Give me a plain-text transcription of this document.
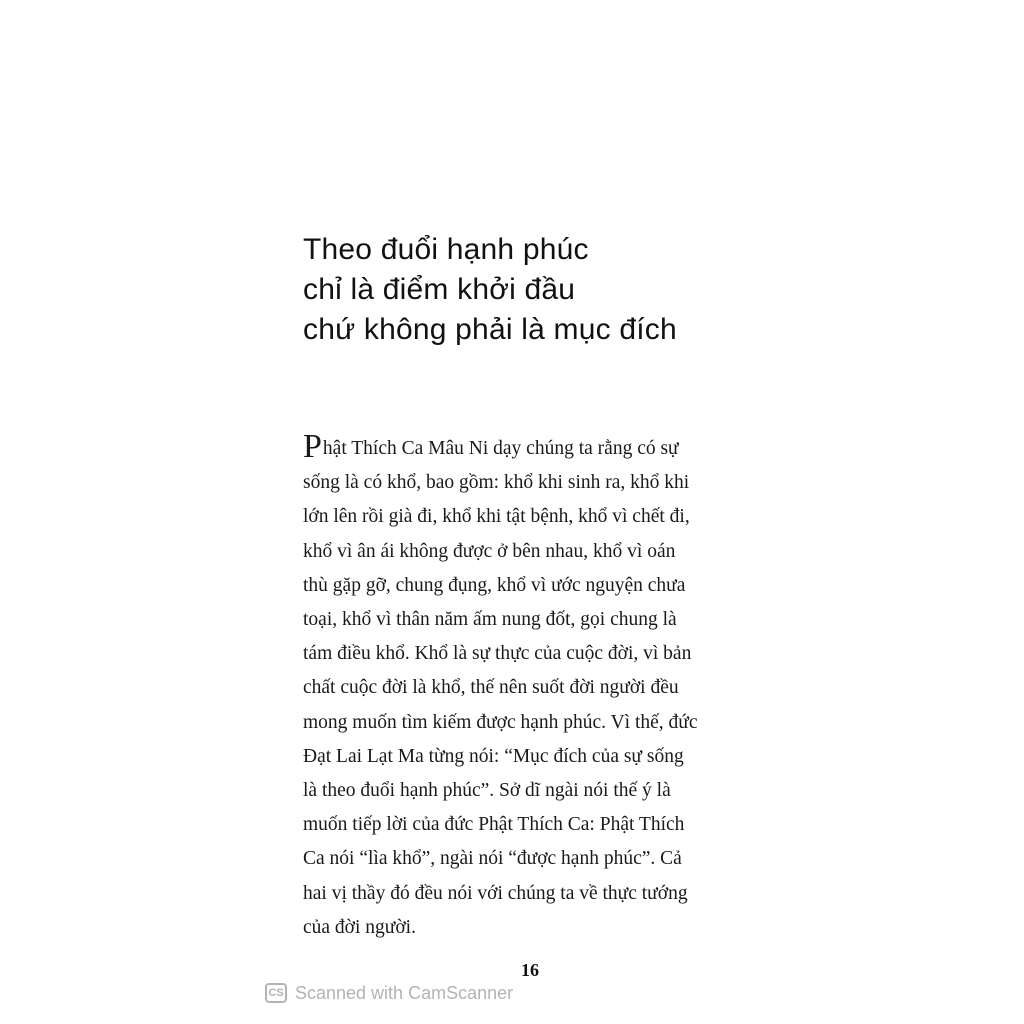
Theo đuổi hạnh phúc
chỉ là điểm khởi đầu
chứ không phải là mục đích
Phật Thích Ca Mâu Ni dạy chúng ta rằng có sự
sống là có khổ, bao gồm: khổ khi sinh ra, khổ khi
lớn lên rồi già đi, khổ khi tật bệnh, khổ vì chết đi,
khổ vì ân ái không được ở bên nhau, khổ vì oán
thù gặp gỡ, chung đụng, khổ vì ước nguyện chưa
toại, khổ vì thân năm ấm nung đốt, gọi chung là
tám điều khổ. Khổ là sự thực của cuộc đời, vì bản
chất cuộc đời là khổ, thế nên suốt đời người đều
mong muốn tìm kiếm được hạnh phúc. Vì thế, đức
Đạt Lai Lạt Ma từng nói: “Mục đích của sự sống
là theo đuổi hạnh phúc”. Sở dĩ ngài nói thế ý là
muốn tiếp lời của đức Phật Thích Ca: Phật Thích
Ca nói “lìa khổ”, ngài nói “được hạnh phúc”. Cả
hai vị thầy đó đều nói với chúng ta về thực tướng
của đời người.
16
CS Scanned with CamScanner
